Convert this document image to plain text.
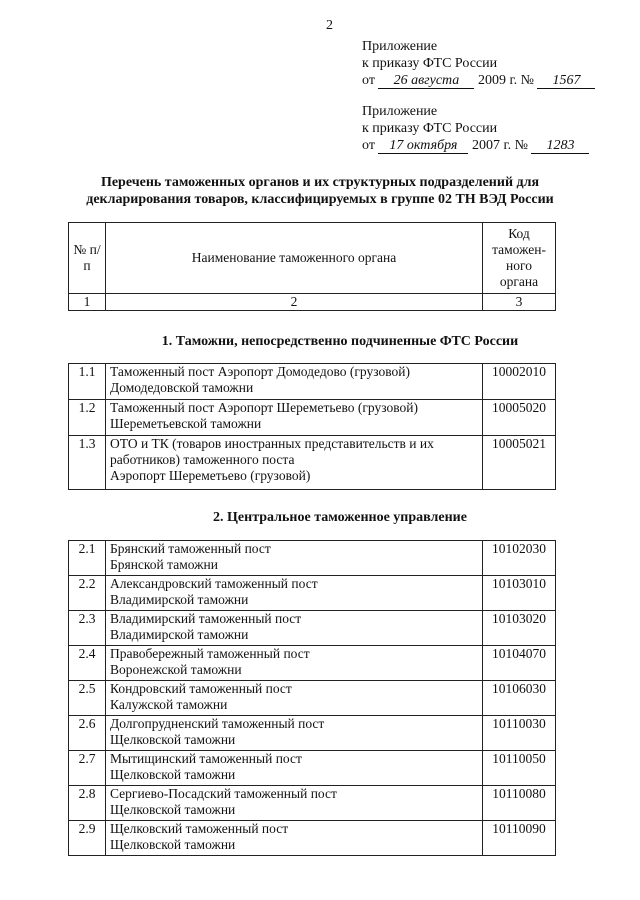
2
Приложение
к приказу ФТС России
от 26 августа 2009 г. № 1567
Приложение
к приказу ФТС России
от 17 октября 2007 г. № 1283
Перечень таможенных органов и их структурных подразделений для
декларирования товаров, классифицируемых в группе 02 ТН ВЭД России
№ п/п	Наименование таможенного органа	Код таможен-ного органа
1	2	3
1. Таможни, непосредственно подчиненные ФТС России
1.1	Таможенный пост Аэропорт Домодедово (грузовой)
Домодедовской таможни	10002010
1.2	Таможенный пост Аэропорт Шереметьево (грузовой)
Шереметьевской таможни	10005020
1.3	ОТО и ТК (товаров иностранных представительств и их
работников) таможенного поста
Аэропорт Шереметьево (грузовой)	10005021
2. Центральное таможенное управление
2.1	Брянский таможенный пост
Брянской таможни	10102030
2.2	Александровский таможенный пост
Владимирской таможни	10103010
2.3	Владимирский таможенный пост
Владимирской таможни	10103020
2.4	Правобережный таможенный пост
Воронежской таможни	10104070
2.5	Кондровский таможенный пост
Калужской таможни	10106030
2.6	Долгопрудненский таможенный пост
Щелковской таможни	10110030
2.7	Мытищинский таможенный пост
Щелковской таможни	10110050
2.8	Сергиево-Посадский таможенный пост
Щелковской таможни	10110080
2.9	Щелковский таможенный пост
Щелковской таможни	10110090
